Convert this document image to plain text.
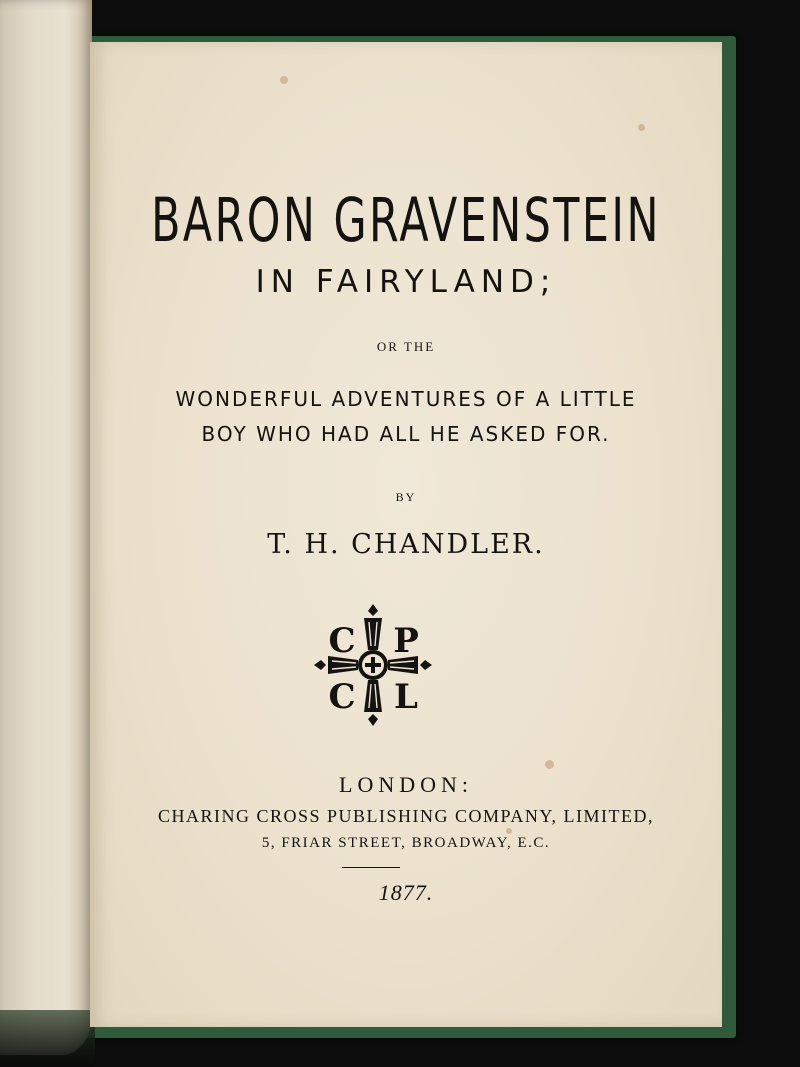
BARON GRAVENSTEIN
IN FAIRYLAND;
OR THE
WONDERFUL ADVENTURES OF A LITTLE
BOY WHO HAD ALL HE ASKED FOR.
BY
T. H. CHANDLER.
C P
C L
LONDON:
CHARING CROSS PUBLISHING COMPANY, LIMITED,
5, FRIAR STREET, BROADWAY, E.C.
1877.
